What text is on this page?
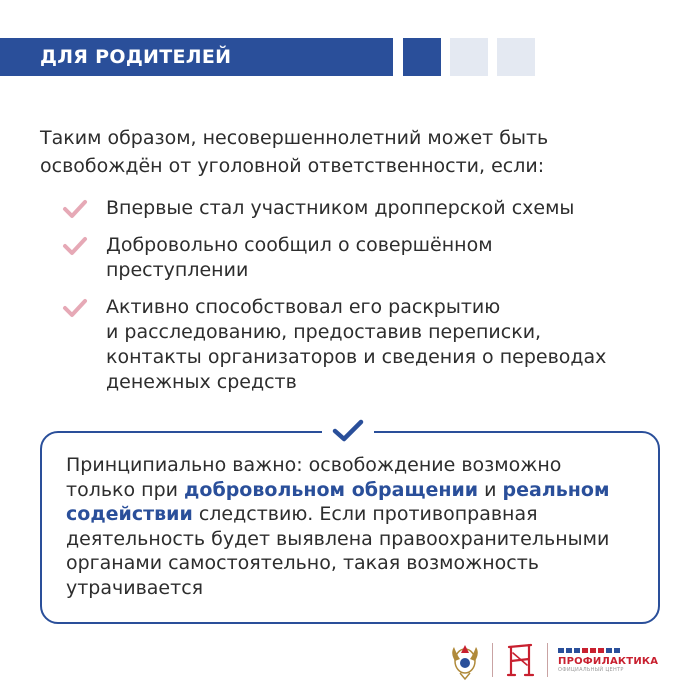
ДЛЯ РОДИТЕЛЕЙ
Таким образом, несовершеннолетний может быть
освобождён от уголовной ответственности, если:
Впервые стал участником дропперской схемы
Добровольно сообщил о совершённом
преступлении
Активно способствовал его раскрытию
и расследованию, предоставив переписки,
контакты организаторов и сведения о переводах
денежных средств
Принципиально важно: освобождение возможно
только при добровольном обращении и реальном
содействии следствию. Если противоправная
деятельность будет выявлена правоохранительными
органами самостоятельно, такая возможность
утрачивается
ПРОФИЛАКТИКА
ОФИЦИАЛЬНЫЙ ЦЕНТР
